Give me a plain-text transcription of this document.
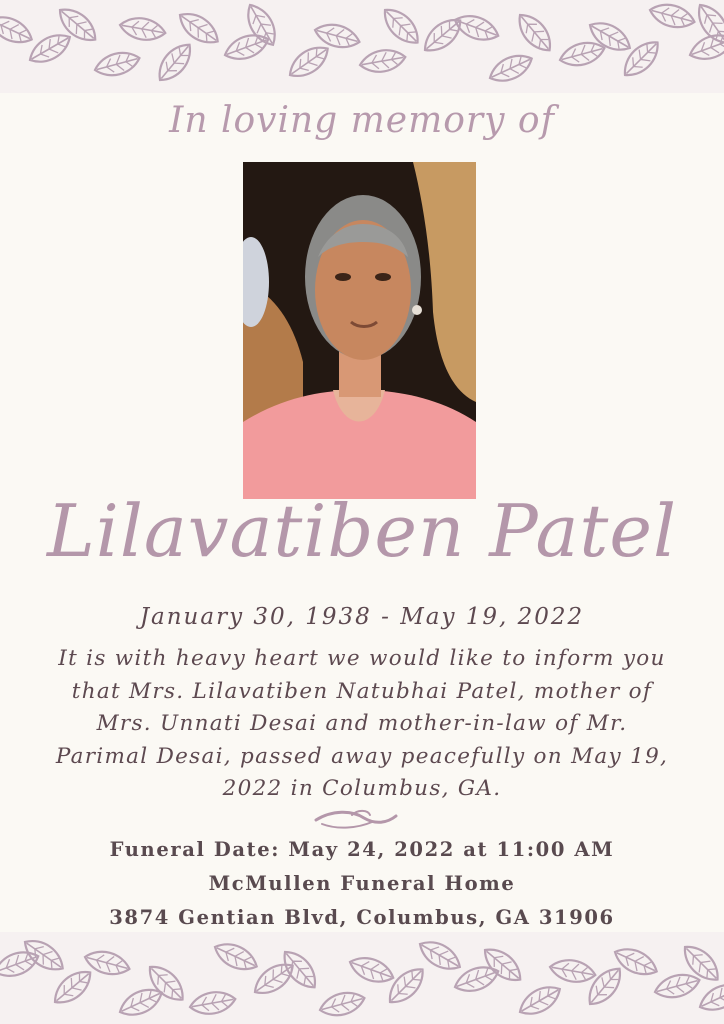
In loving memory of
Lilavatiben Patel
January 30, 1938 - May 19, 2022
It is with heavy heart we would like to inform you
that Mrs. Lilavatiben Natubhai Patel, mother of
Mrs. Unnati Desai and mother-in-law of Mr.
Parimal Desai, passed away peacefully on May 19,
2022 in Columbus, GA.
Funeral Date: May 24, 2022 at 11:00 AM
McMullen Funeral Home
3874 Gentian Blvd, Columbus, GA 31906
